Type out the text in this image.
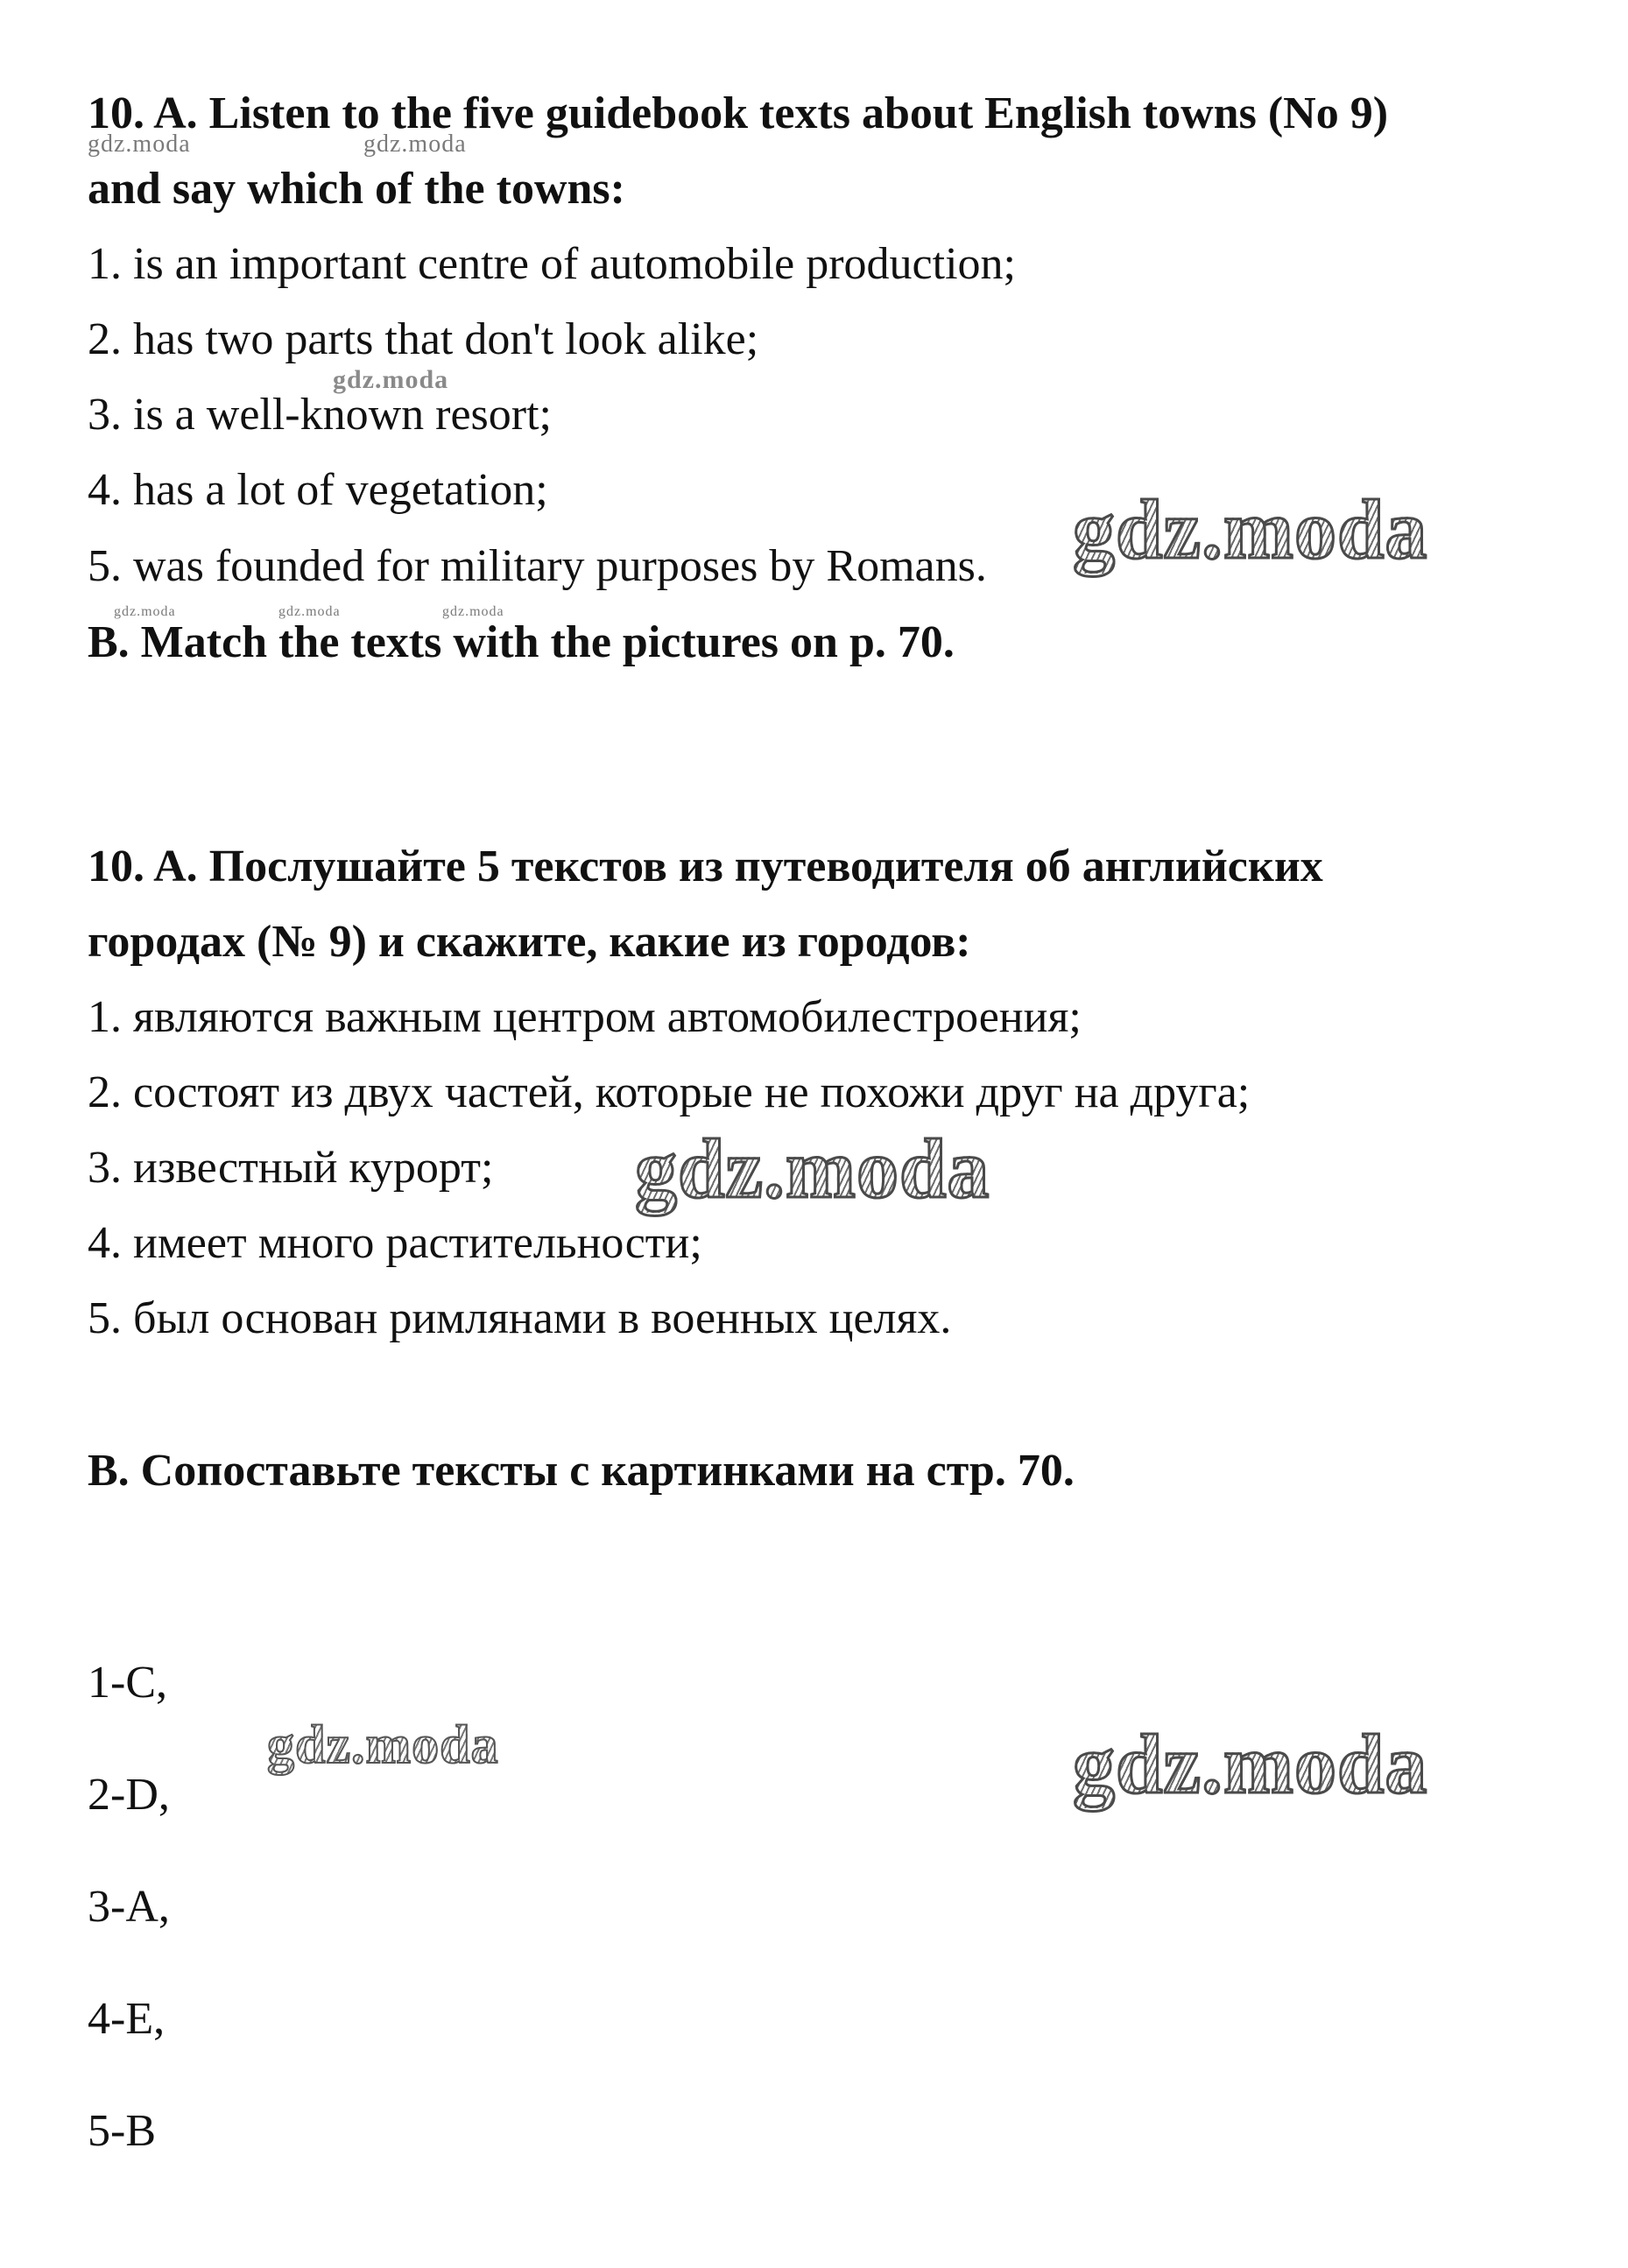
10. A. Listen to the five guidebook texts about English towns (No 9)
and say which of the towns:
1. is an important centre of automobile production;
2. has two parts that don't look alike;
3. is a well-known resort;
4. has a lot of vegetation;
5. was founded for military purposes by Romans.
B. Match the texts with the pictures on p. 70.
10. A. Послушайте 5 текстов из путеводителя об английских
городах (№ 9) и скажите, какие из городов:
1. являются важным центром автомобилестроения;
2. состоят из двух частей, которые не похожи друг на друга;
3. известный курорт;
4. имеет много растительности;
5. был основан римлянами в военных целях.
B. Сопоставьте тексты с картинками на стр. 70.
1-C,
2-D,
3-A,
4-E,
5-B
gdz.moda	gdz.moda
gdz.moda
gdz.moda
gdz.moda	gdz.moda	gdz.moda
gdz.moda
gdz.moda	gdz.moda
